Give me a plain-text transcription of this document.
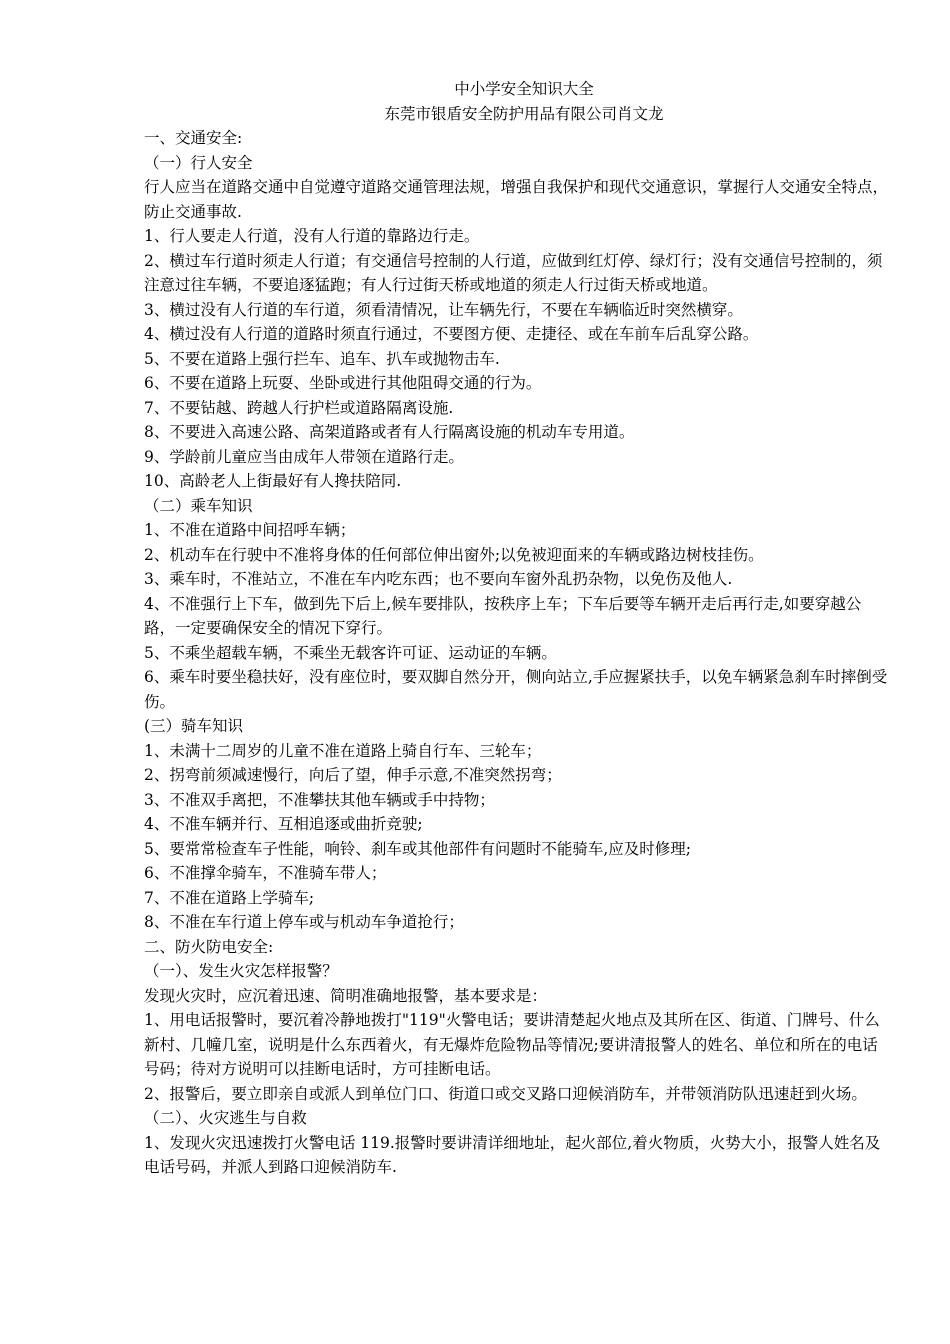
中小学安全知识大全
东莞市银盾安全防护用品有限公司肖文龙
一、交通安全:
（一）行人安全
行人应当在道路交通中自觉遵守道路交通管理法规，增强自我保护和现代交通意识，掌握行人交通安全特点，防止交通事故.
1、行人要走人行道，没有人行道的靠路边行走。
2、横过车行道时须走人行道；有交通信号控制的人行道，应做到红灯停、绿灯行；没有交通信号控制的，须注意过往车辆，不要追逐猛跑；有人行过街天桥或地道的须走人行过街天桥或地道。
3、横过没有人行道的车行道，须看清情况，让车辆先行，不要在车辆临近时突然横穿。
4、横过没有人行道的道路时须直行通过，不要图方便、走捷径、或在车前车后乱穿公路。
5、不要在道路上强行拦车、追车、扒车或抛物击车.
6、不要在道路上玩耍、坐卧或进行其他阻碍交通的行为。
7、不要钻越、跨越人行护栏或道路隔离设施.
8、不要进入高速公路、高架道路或者有人行隔离设施的机动车专用道。
9、学龄前儿童应当由成年人带领在道路行走。
10、高龄老人上街最好有人搀扶陪同.
（二）乘车知识
1、不准在道路中间招呼车辆；
2、机动车在行驶中不准将身体的任何部位伸出窗外;以免被迎面来的车辆或路边树枝挂伤。
3、乘车时，不准站立，不准在车内吃东西；也不要向车窗外乱扔杂物，以免伤及他人.
4、不准强行上下车，做到先下后上,候车要排队，按秩序上车；下车后要等车辆开走后再行走,如要穿越公路，一定要确保安全的情况下穿行。
5、不乘坐超载车辆，不乘坐无载客许可证、运动证的车辆。
6、乘车时要坐稳扶好，没有座位时，要双脚自然分开，侧向站立,手应握紧扶手，以免车辆紧急刹车时摔倒受伤。
(三）骑车知识
1、未满十二周岁的儿童不准在道路上骑自行车、三轮车；
2、拐弯前须减速慢行，向后了望，伸手示意,不准突然拐弯；
3、不准双手离把，不准攀扶其他车辆或手中持物；
4、不准车辆并行、互相追逐或曲折竞驶;
5、要常常检查车子性能，响铃、刹车或其他部件有问题时不能骑车,应及时修理;
6、不准撑伞骑车，不准骑车带人；
7、不准在道路上学骑车;
8、不准在车行道上停车或与机动车争道抢行；
二、防火防电安全:
（一）、发生火灾怎样报警？
发现火灾时，应沉着迅速、简明准确地报警，基本要求是：
1、用电话报警时，要沉着冷静地拨打"119"火警电话；要讲清楚起火地点及其所在区、街道、门牌号、什么新村、几幢几室，说明是什么东西着火，有无爆炸危险物品等情况;要讲清报警人的姓名、单位和所在的电话号码；待对方说明可以挂断电话时，方可挂断电话。
2、报警后，要立即亲自或派人到单位门口、街道口或交叉路口迎候消防车，并带领消防队迅速赶到火场。
（二）、火灾逃生与自救
1、发现火灾迅速拨打火警电话 119.报警时要讲清详细地址，起火部位,着火物质，火势大小，报警人姓名及电话号码，并派人到路口迎候消防车.
